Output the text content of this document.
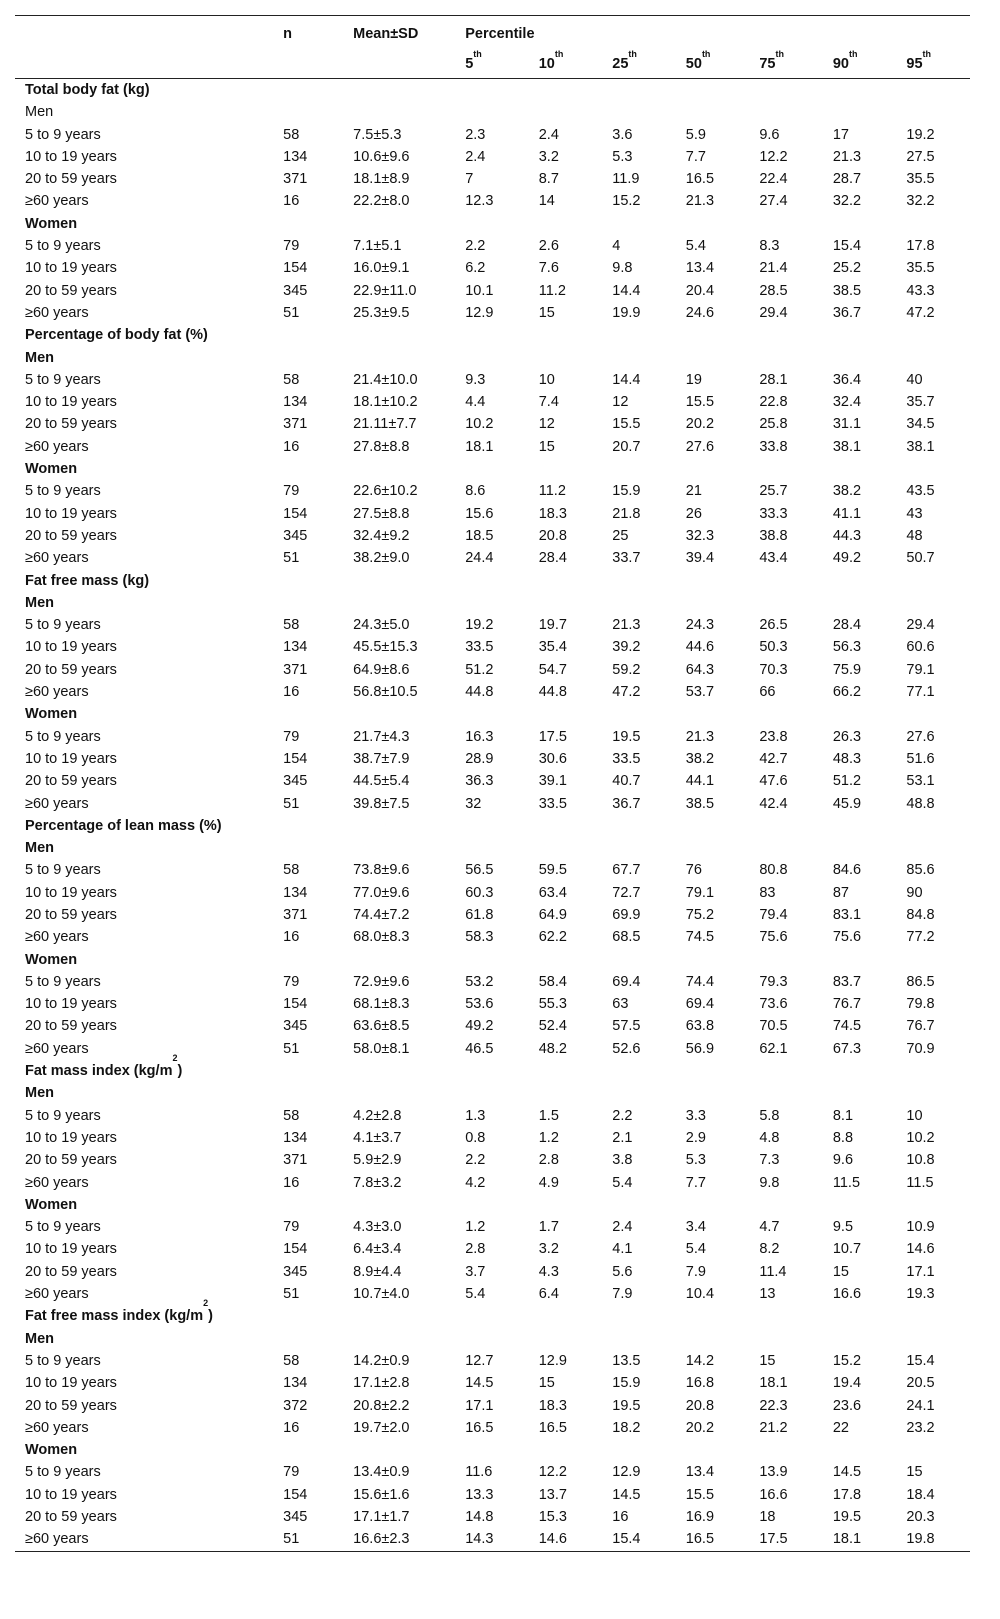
	n	Mean±SD	Percentile						
			5th	10th	25th	50th	75th	90th	95th
Total body fat (kg)									
Men									
5 to 9 years	58	7.5±5.3	2.3	2.4	3.6	5.9	9.6	17	19.2
10 to 19 years	134	10.6±9.6	2.4	3.2	5.3	7.7	12.2	21.3	27.5
20 to 59 years	371	18.1±8.9	7	8.7	11.9	16.5	22.4	28.7	35.5
≥60 years	16	22.2±8.0	12.3	14	15.2	21.3	27.4	32.2	32.2
Women									
5 to 9 years	79	7.1±5.1	2.2	2.6	4	5.4	8.3	15.4	17.8
10 to 19 years	154	16.0±9.1	6.2	7.6	9.8	13.4	21.4	25.2	35.5
20 to 59 years	345	22.9±11.0	10.1	11.2	14.4	20.4	28.5	38.5	43.3
≥60 years	51	25.3±9.5	12.9	15	19.9	24.6	29.4	36.7	47.2
Percentage of body fat (%)									
Men									
5 to 9 years	58	21.4±10.0	9.3	10	14.4	19	28.1	36.4	40
10 to 19 years	134	18.1±10.2	4.4	7.4	12	15.5	22.8	32.4	35.7
20 to 59 years	371	21.11±7.7	10.2	12	15.5	20.2	25.8	31.1	34.5
≥60 years	16	27.8±8.8	18.1	15	20.7	27.6	33.8	38.1	38.1
Women									
5 to 9 years	79	22.6±10.2	8.6	11.2	15.9	21	25.7	38.2	43.5
10 to 19 years	154	27.5±8.8	15.6	18.3	21.8	26	33.3	41.1	43
20 to 59 years	345	32.4±9.2	18.5	20.8	25	32.3	38.8	44.3	48
≥60 years	51	38.2±9.0	24.4	28.4	33.7	39.4	43.4	49.2	50.7
Fat free mass (kg)									
Men									
5 to 9 years	58	24.3±5.0	19.2	19.7	21.3	24.3	26.5	28.4	29.4
10 to 19 years	134	45.5±15.3	33.5	35.4	39.2	44.6	50.3	56.3	60.6
20 to 59 years	371	64.9±8.6	51.2	54.7	59.2	64.3	70.3	75.9	79.1
≥60 years	16	56.8±10.5	44.8	44.8	47.2	53.7	66	66.2	77.1
Women									
5 to 9 years	79	21.7±4.3	16.3	17.5	19.5	21.3	23.8	26.3	27.6
10 to 19 years	154	38.7±7.9	28.9	30.6	33.5	38.2	42.7	48.3	51.6
20 to 59 years	345	44.5±5.4	36.3	39.1	40.7	44.1	47.6	51.2	53.1
≥60 years	51	39.8±7.5	32	33.5	36.7	38.5	42.4	45.9	48.8
Percentage of lean mass (%)									
Men									
5 to 9 years	58	73.8±9.6	56.5	59.5	67.7	76	80.8	84.6	85.6
10 to 19 years	134	77.0±9.6	60.3	63.4	72.7	79.1	83	87	90
20 to 59 years	371	74.4±7.2	61.8	64.9	69.9	75.2	79.4	83.1	84.8
≥60 years	16	68.0±8.3	58.3	62.2	68.5	74.5	75.6	75.6	77.2
Women									
5 to 9 years	79	72.9±9.6	53.2	58.4	69.4	74.4	79.3	83.7	86.5
10 to 19 years	154	68.1±8.3	53.6	55.3	63	69.4	73.6	76.7	79.8
20 to 59 years	345	63.6±8.5	49.2	52.4	57.5	63.8	70.5	74.5	76.7
≥60 years	51	58.0±8.1	46.5	48.2	52.6	56.9	62.1	67.3	70.9
Fat mass index $(kg/m^2)$									
Men									
5 to 9 years	58	4.2±2.8	1.3	1.5	2.2	3.3	5.8	8.1	10
10 to 19 years	134	4.1±3.7	0.8	1.2	2.1	2.9	4.8	8.8	10.2
20 to 59 years	371	5.9±2.9	2.2	2.8	3.8	5.3	7.3	9.6	10.8
≥60 years	16	7.8±3.2	4.2	4.9	5.4	7.7	9.8	11.5	11.5
Women									
5 to 9 years	79	4.3±3.0	1.2	1.7	2.4	3.4	4.7	9.5	10.9
10 to 19 years	154	6.4±3.4	2.8	3.2	4.1	5.4	8.2	10.7	14.6
20 to 59 years	345	8.9±4.4	3.7	4.3	5.6	7.9	11.4	15	17.1
≥60 years	51	10.7±4.0	5.4	6.4	7.9	10.4	13	16.6	19.3
Fat free mass index $(kg/m^2)$									
Men									
5 to 9 years	58	14.2±0.9	12.7	12.9	13.5	14.2	15	15.2	15.4
10 to 19 years	134	17.1±2.8	14.5	15	15.9	16.8	18.1	19.4	20.5
20 to 59 years	372	20.8±2.2	17.1	18.3	19.5	20.8	22.3	23.6	24.1
≥60 years	16	19.7±2.0	16.5	16.5	18.2	20.2	21.2	22	23.2
Women									
5 to 9 years	79	13.4±0.9	11.6	12.2	12.9	13.4	13.9	14.5	15
10 to 19 years	154	15.6±1.6	13.3	13.7	14.5	15.5	16.6	17.8	18.4
20 to 59 years	345	17.1±1.7	14.8	15.3	16	16.9	18	19.5	20.3
≥60 years	51	16.6±2.3	14.3	14.6	15.4	16.5	17.5	18.1	19.8
